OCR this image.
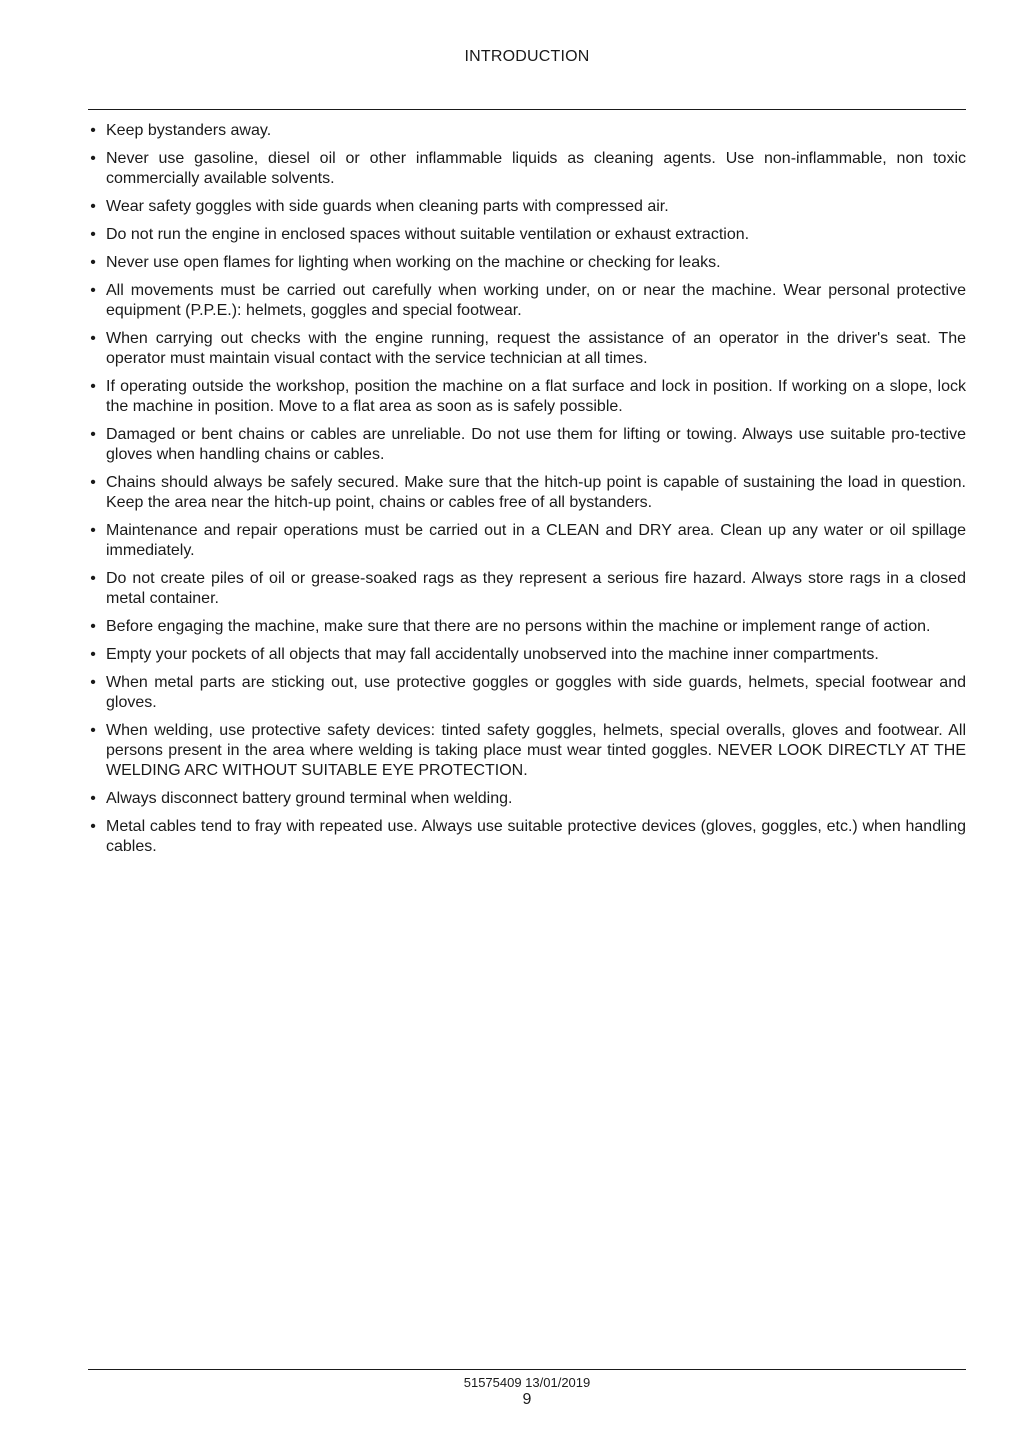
INTRODUCTION
• Keep bystanders away.
• Never use gasoline, diesel oil or other inflammable liquids as cleaning agents. Use non-inflammable, non toxic commercially available solvents.
• Wear safety goggles with side guards when cleaning parts with compressed air.
• Do not run the engine in enclosed spaces without suitable ventilation or exhaust extraction.
• Never use open flames for lighting when working on the machine or checking for leaks.
• All movements must be carried out carefully when working under, on or near the machine. Wear personal protective equipment (P.P.E.): helmets, goggles and special footwear.
• When carrying out checks with the engine running, request the assistance of an operator in the driver's seat. The operator must maintain visual contact with the service technician at all times.
• If operating outside the workshop, position the machine on a flat surface and lock in position. If working on a slope, lock the machine in position. Move to a flat area as soon as is safely possible.
• Damaged or bent chains or cables are unreliable. Do not use them for lifting or towing. Always use suitable pro-tective gloves when handling chains or cables.
• Chains should always be safely secured. Make sure that the hitch-up point is capable of sustaining the load in question. Keep the area near the hitch-up point, chains or cables free of all bystanders.
• Maintenance and repair operations must be carried out in a CLEAN and DRY area. Clean up any water or oil spillage immediately.
• Do not create piles of oil or grease-soaked rags as they represent a serious fire hazard. Always store rags in a closed metal container.
• Before engaging the machine, make sure that there are no persons within the machine or implement range of action.
• Empty your pockets of all objects that may fall accidentally unobserved into the machine inner compartments.
• When metal parts are sticking out, use protective goggles or goggles with side guards, helmets, special footwear and gloves.
• When welding, use protective safety devices: tinted safety goggles, helmets, special overalls, gloves and footwear. All persons present in the area where welding is taking place must wear tinted goggles. NEVER LOOK DIRECTLY AT THE WELDING ARC WITHOUT SUITABLE EYE PROTECTION.
• Always disconnect battery ground terminal when welding.
• Metal cables tend to fray with repeated use. Always use suitable protective devices (gloves, goggles, etc.) when handling cables.
51575409 13/01/2019
9
